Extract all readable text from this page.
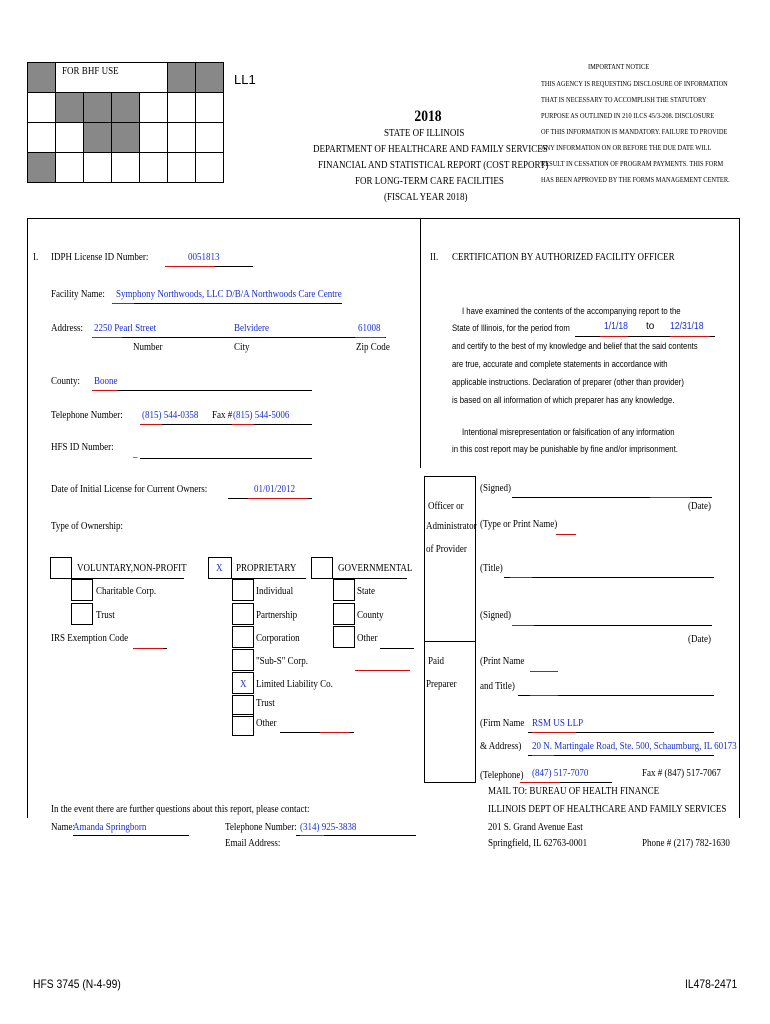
	FOR BHF USE					

LL1
2018
STATE OF ILLINOIS
DEPARTMENT OF HEALTHCARE AND FAMILY SERVICES
FINANCIAL AND STATISTICAL REPORT (COST REPORT)
FOR LONG-TERM CARE FACILITIES
(FISCAL YEAR 2018)
IMPORTANT NOTICE
THIS AGENCY IS REQUESTING DISCLOSURE OF INFORMATION
THAT IS NECESSARY TO ACCOMPLISH THE STATUTORY
PURPOSE AS OUTLINED IN 210 ILCS 45/3-208. DISCLOSURE
OF THIS INFORMATION IS MANDATORY. FAILURE TO PROVIDE
ANY INFORMATION ON OR BEFORE THE DUE DATE WILL
RESULT IN CESSATION OF PROGRAM PAYMENTS. THIS FORM
HAS BEEN APPROVED BY THE FORMS MANAGEMENT CENTER.
I. IDPH License ID Number:	0051813
Facility Name: Symphony Northwoods, LLC D/B/A Northwoods Care Centre
Address: 2250 Pearl Street	Belvidere	61008
Number	City	Zip Code
County: Boone
Telephone Number: (815) 544-0358 Fax # (815) 544-5006
HFS ID Number: _
Date of Initial License for Current Owners:	01/01/2012
Type of Ownership:
VOLUNTARY,NON-PROFIT
Charitable Corp.
Trust
IRS Exemption Code
X PROPRIETARY
Individual
Partnership
Corporation
"Sub-S" Corp.
X Limited Liability Co.
Trust
Other
GOVERNMENTAL
State
County
Other
II. CERTIFICATION BY AUTHORIZED FACILITY OFFICER
I have examined the contents of the accompanying report to the
State of Illinois, for the period from	1/1/18 to 12/31/18
and certify to the best of my knowledge and belief that the said contents
are true, accurate and complete statements in accordance with
applicable instructions. Declaration of preparer (other than provider)
is based on all information of which preparer has any knowledge.
Intentional misrepresentation or falsification of any information
in this cost report may be punishable by fine and/or imprisonment.
Officer or
Administrator
of Provider
Paid
Preparer
(Signed)
(Date)
(Type or Print Name)
(Title)
(Signed)
(Date)
(Print Name
and Title)
(Firm Name RSM US LLP
& Address) 20 N. Martingale Road, Ste. 500, Schaumburg, IL 60173
(Telephone) (847) 517-7070	Fax # (847) 517-7067
MAIL TO: BUREAU OF HEALTH FINANCE
ILLINOIS DEPT OF HEALTHCARE AND FAMILY SERVICES
201 S. Grand Avenue East
Springfield, IL 62763-0001	Phone # (217) 782-1630
In the event there are further questions about this report, please contact:
Name:
Amanda Springborn	Telephone Number: (314) 925-3838
Email Address:
HFS 3745 (N-4-99)	IL478-2471
